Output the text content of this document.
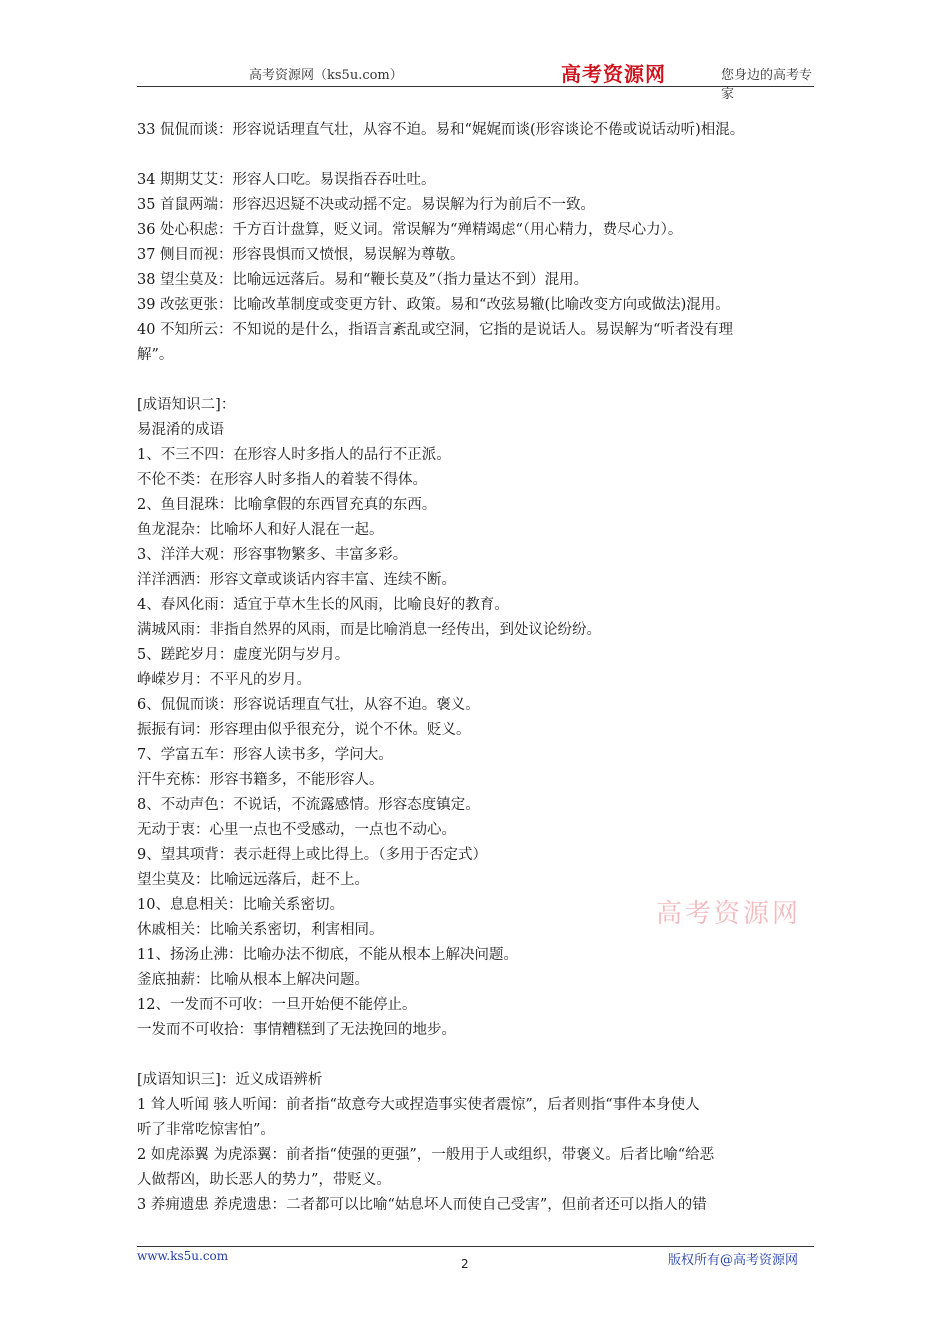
高考资源网（ks5u.com）	高考资源网	您身边的高考专家
33 侃侃而谈：形容说话理直气壮，从容不迫。易和“娓娓而谈(形容谈论不倦或说话动听)相混。
34 期期艾艾：形容人口吃。易误指吞吞吐吐。
35 首鼠两端：形容迟迟疑不决或动摇不定。易误解为行为前后不一致。
36 处心积虑：千方百计盘算，贬义词。常误解为“殚精竭虑“（用心精力，费尽心力）。
37 侧目而视：形容畏惧而又愤恨，易误解为尊敬。
38 望尘莫及：比喻远远落后。易和“鞭长莫及”（指力量达不到）混用。
39 改弦更张：比喻改革制度或变更方针、政策。易和“改弦易辙(比喻改变方向或做法)混用。
40 不知所云：不知说的是什么，指语言紊乱或空洞，它指的是说话人。易误解为“听者没有理
解”。
[成语知识二]：
易混淆的成语
1、不三不四：在形容人时多指人的品行不正派。
不伦不类：在形容人时多指人的着装不得体。
2、鱼目混珠：比喻拿假的东西冒充真的东西。
鱼龙混杂：比喻坏人和好人混在一起。
3、洋洋大观：形容事物繁多、丰富多彩。
洋洋洒洒：形容文章或谈话内容丰富、连续不断。
4、春风化雨：适宜于草木生长的风雨，比喻良好的教育。
满城风雨：非指自然界的风雨，而是比喻消息一经传出，到处议论纷纷。
5、蹉跎岁月：虚度光阴与岁月。
峥嵘岁月：不平凡的岁月。
6、侃侃而谈：形容说话理直气壮，从容不迫。褒义。
振振有词：形容理由似乎很充分，说个不休。贬义。
7、学富五车：形容人读书多，学问大。
汗牛充栋：形容书籍多，不能形容人。
8、不动声色：不说话，不流露感情。形容态度镇定。
无动于衷：心里一点也不受感动，一点也不动心。
9、望其项背：表示赶得上或比得上。（多用于否定式）
望尘莫及：比喻远远落后，赶不上。
10、息息相关：比喻关系密切。
休戚相关：比喻关系密切，利害相同。
11、扬汤止沸：比喻办法不彻底，不能从根本上解决问题。
釜底抽薪：比喻从根本上解决问题。
12、一发而不可收：一旦开始便不能停止。
一发而不可收拾：事情糟糕到了无法挽回的地步。
[成语知识三]：近义成语辨析
1 耸人听闻 骇人听闻：前者指“故意夸大或捏造事实使者震惊”，后者则指“事件本身使人
听了非常吃惊害怕”。
2 如虎添翼 为虎添翼：前者指“使强的更强”，一般用于人或组织，带褒义。后者比喻“给恶
人做帮凶，助长恶人的势力”，带贬义。
3 养痈遗患 养虎遗患：二者都可以比喻“姑息坏人而使自己受害”，但前者还可以指人的错
高考资源网
www.ks5u.com
2	版权所有@高考资源网
